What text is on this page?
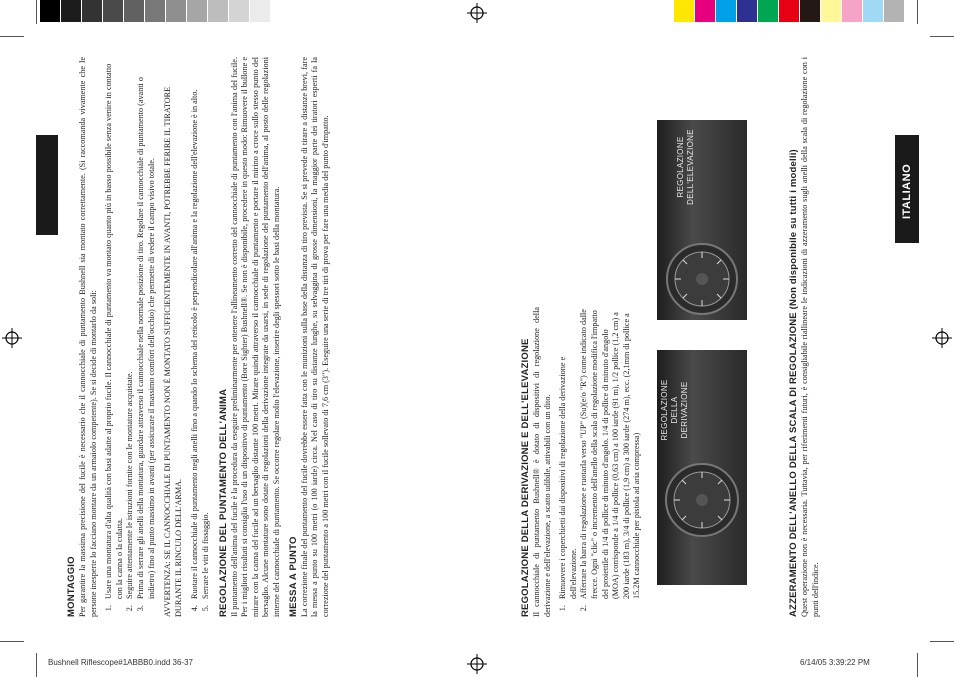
ITALIANO
MONTAGGIO Per garantire la massima precisione del fucile è necessario che il cannocchiale di puntamento Bushnell sia montato correttamente. (Si raccomanda vivamente che le persone inesperte lo facciano montare da un armaiolo competente). Se si decide di montarlo da soli: 1. Usare una montatura d'alta qualità con basi adatte al proprio fucile. Il cannocchiale di puntamento va montato quanto più in basso possibile senza venire in contatto con la canna o la culatta. 2. Seguire attentamente le istruzioni fornite con le montature acquistate. 3. Prima di serrare gli anelli della montatura, guardare attraverso il cannocchiale nella normale posizione di tiro. Regolare il cannocchiale di puntamento (avanti o indietro) fino al punto massimo in avanti (per assicurare il massimo comfort dell'occhio) che permette di vedere il campo visivo totale. AVVERTENZA: SE IL CANNOCCHIALE DI PUNTAMENTO NON È MONTATO SUFFICIENTEMENTE IN AVANTI, POTREBBE FERIRE IL TIRATORE DURANTE IL RINCULO DELL'ARMA. 4. Ruotare il cannocchiale di puntamento negli anelli fino a quando lo schema del reticolo è perpendicolare all'anima e la regolazione dell'elevazione è in alto. 5. Serrare le viti di fissaggio. REGOLAZIONE DEL PUNTAMENTO DELL'ANIMA Il puntamento dell'anima del fucile è la procedura da eseguire preliminarmente per ottenere l'allineamento corretto del cannocchiale di puntamento con l'anima del fucile. Per i migliori risultati si consiglia l'uso di un dispositivo di puntamento (Bore Sighter) Bushnell®. Se non è disponibile, procedere in questo modo: Rimuovere il bullone e mirare con la canna del fucile ad un bersaglio distante 100 metri. Mirare quindi attraverso il cannocchiale di puntamento e portare il mirino a croce sullo stesso punto del bersaglio. Alcune montature sono dotate di regolazioni della derivazione integrate da usarsi, in sede di regolazione del puntamento dell'anima, al posto delle regolazioni interne del cannocchiale di puntamento. Se occorre regolare molto l'elevazione, inserire degli spessori sotto le basi della montatura. MESSA A PUNTO La correzione finale del puntamento del fucile dovrebbe essere fatta con le munizioni sulla base della distanza di tiro prevista. Se si prevede di tirare a distanze brevi, fare la messa a punto su 100 metri (o 100 iarde) circa. Nel caso di tiro su distanze lunghe, su selvaggina di grosse dimensioni, la maggior parte dei tiratori esperti fa la correzione del puntamento a 100 metri con il fucile sollevato di 7,6 cm (3"). Eseguire una serie di tre tiri di prova per fare una media del punto d'impatto.	REGOLAZIONE DELLA DERIVAZIONE E DELL'ELEVAZIONE Il cannocchiale di puntamento Bushnell® è dotato di dispositivi di regolazione della derivazione e dell'elevazione, a scatto udibile, attivabili con un dito. 1. Rimuovere i coperchietti dai dispositivi di regolazione della derivazione e dell'elevazione. 2. Afferrare la barra di regolazione e ruotarla verso "UP" (Su)(e/o "R") come indicato dalle frecce. Ogni "clic" o incremento dell'anello della scala di regolazione modifica l'impatto del proiettile di 1/4 di pollice di minuto d'angolo. 1/4 di pollice di minuto d'angolo (MOA) corrisponde a 1/4 di pollice (0,63 cm) a 100 iarde (91 m), 1/2 pollice (1,2 cm) a 200 iarde (183 m), 3/4 di pollice (1,9 cm) a 300 iarde (274 m), ecc. (2,1mm di pollice a 15.2M cannocchiale per pistola ad aria compressa)	AZZERAMENTO DELL'ANELLO DELLA SCALA DI REGOLAZIONE (Non disponibile su tutti i modelli) Quest operazione non è necessaria. Tuttavia, per riferimenti futuri, è consigliabile riallineare le indicazioni di azzeramento sugli anelli della scala di regolazione con i punti dell'indice.

REGOLAZIONE DELLA DERIVAZIONE
REGOLAZIONE DELL'ELEVAZIONE
Bushnell Riflescope#1ABBB0.indd 36-37	6/14/05 3:39:22 PM
